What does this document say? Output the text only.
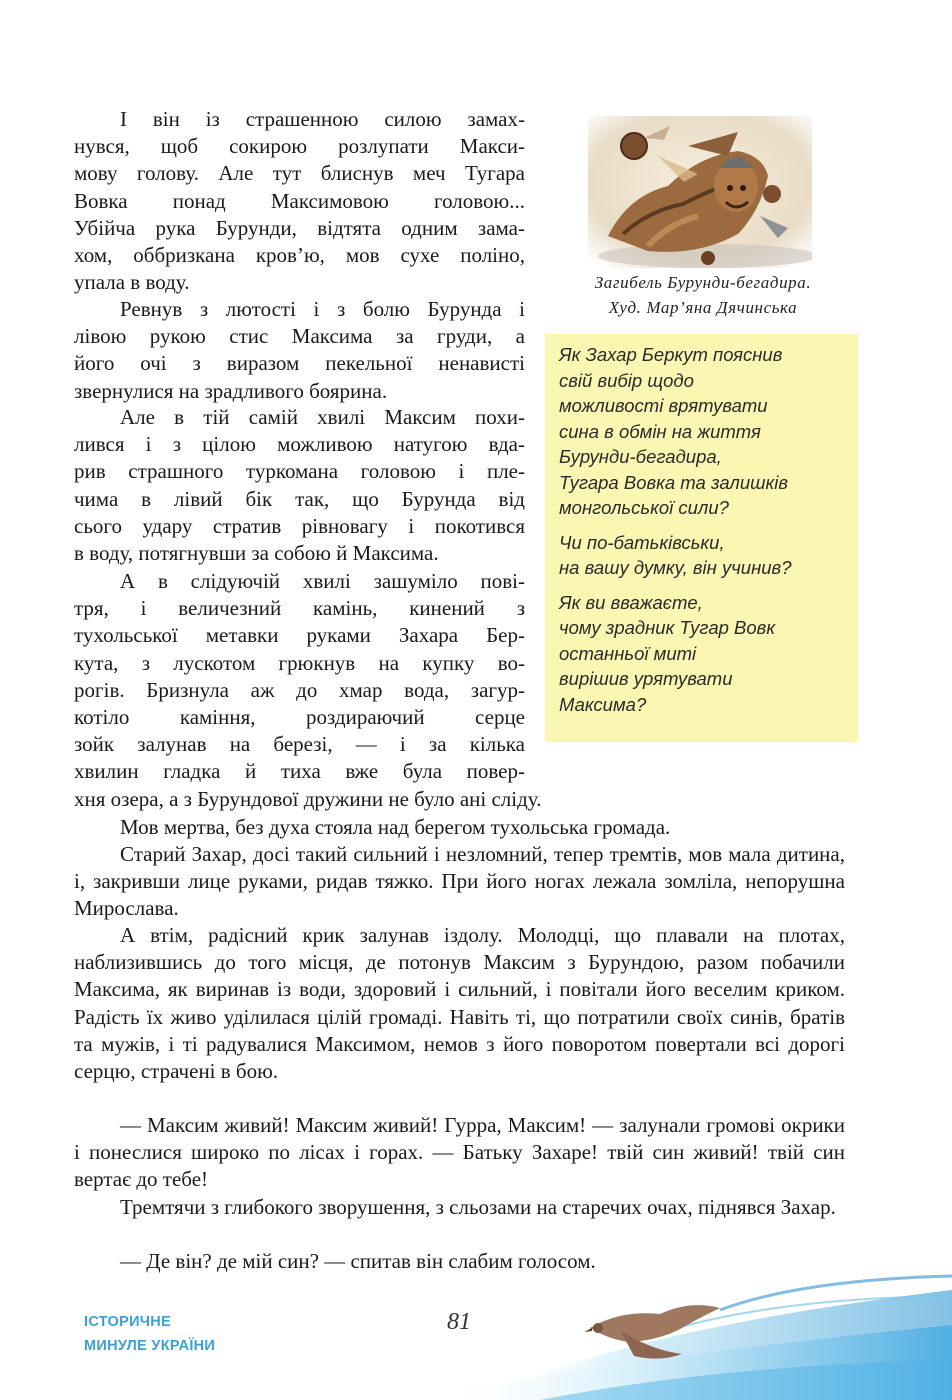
І він із страшенною силою замах-
нувся, щоб сокирою розлупати Макси-
мову голову. Але тут блиснув меч Тугара
Вовка понад Максимовою головою...
Убійча рука Бурунди, відтята одним зама-
хом, оббризкана кров’ю, мов сухе поліно,
упала в воду.

Ревнув з лютості і з болю Бурунда і
лівою рукою стис Максима за груди, а
його очі з виразом пекельної ненависті
звернулися на зрадливого боярина.

Але в тій самій хвилі Максим похи-
лився і з цілою можливою натугою вда-
рив страшного туркомана головою і пле-
чима в лівий бік так, що Бурунда від
сього удару стратив рівновагу і покотився
в воду, потягнувши за собою й Максима.

А в слідуючій хвилі зашуміло пові-
тря, і величезний камінь, кинений з
тухольської метавки руками Захара Бер-
кута, з лускотом грюкнув на купку во-
рогів. Бризнула аж до хмар вода, загур-
котіло каміння, роздираючий серце
зойк залунав на березі, — і за кілька
хвилин гладка й тиха вже була повер-

Загибель Бурунди-бегадира.
Худ. Мар’яна Дячинська

Як Захар Беркут пояснив
свій вибір щодо
можливості врятувати
сина в обмін на життя
Бурунди-бегадира,
Тугара Вовка та залишків
монгольської сили?

Чи по-батьківськи,
на вашу думку, він учинив?

Як ви вважаєте,
чому зрадник Тугар Вовк
останньої миті
вирішив урятувати
Максима?

хня озера, а з Бурундової дружини не було ані сліду.

Мов мертва, без духа стояла над берегом тухольська громада.

Старий Захар, досі такий сильний і незломний, тепер тремтів, мов мала дитина, і, закривши лице руками, ридав тяжко. При його ногах лежала зомліла, непорушна Мирослава.

А втім, радісний крик залунав іздолу. Молодці, що плавали на плотах, наблизившись до того місця, де потонув Максим з Бурундою, разом побачили Максима, як виринав із води, здоровий і сильний, і повітали його веселим криком. Радість їх живо уділилася цілій громаді. Навіть ті, що потратили своїх синів, братів та мужів, і ті радувалися Максимом, немов з його поворотом повертали всі дорогі серцю, страчені в бою.

— Максим живий! Максим живий! Гурра, Максим! — залунали громові окрики і понеслися широко по лісах і горах. — Батьку Захаре! твій син живий! твій син вертає до тебе!

Тремтячи з глибокого зворушення, з сльозами на старечих очах, піднявся Захар.

— Де він? де мій син? — спитав він слабим голосом.

ІСТОРИЧНЕ
МИНУЛЕ УКРАЇНИ
81
